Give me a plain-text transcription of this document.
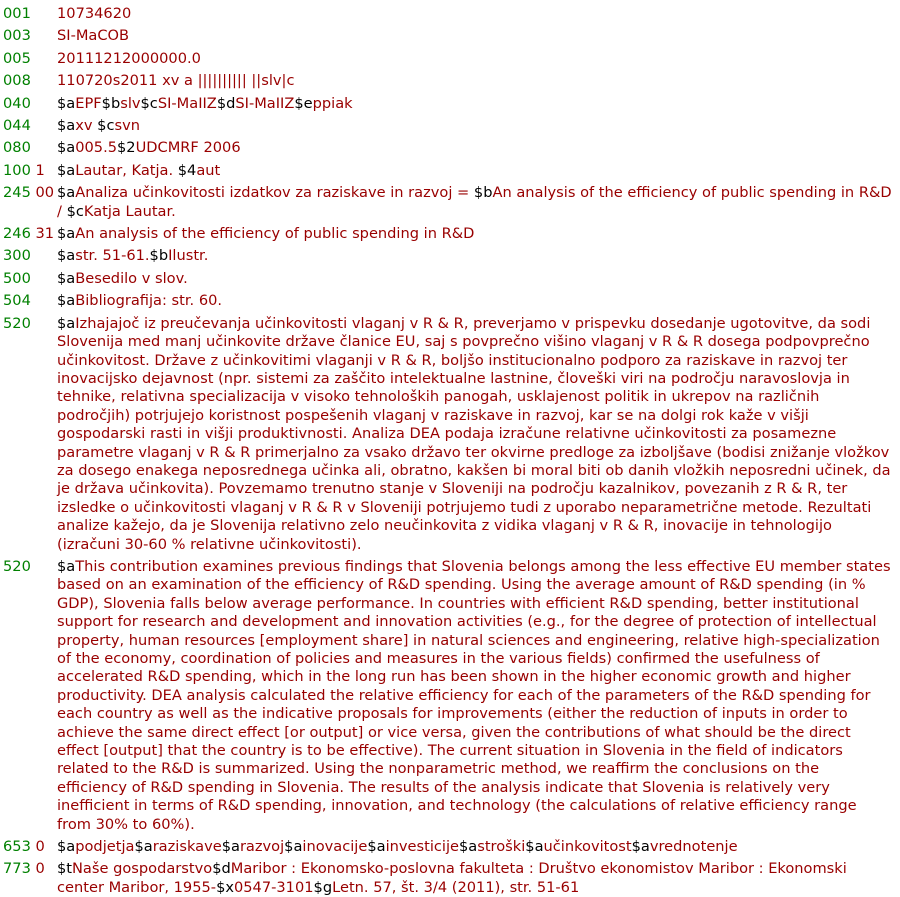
001	10734620
003	SI-MaCOB
005	20111212000000.0
008	110720s2011 xv a |||||||||| ||slv|c
040	$aEPF$bslv$cSI-MaIIZ$dSI-MaIIZ$eppiak
044	$axv $csvn
080	$a005.5$2UDCMRF 2006
100 1 $aLautar, Katja. $4aut
245 00 $aAnaliza učinkovitosti izdatkov za raziskave in razvoj = $bAn analysis of the efficiency of public spending in R&D / $cKatja Lautar.
246 31 $aAn analysis of the efficiency of public spending in R&D
300	$astr. 51-61.$bIlustr.
500	$aBesedilo v slov.
504	$aBibliografija: str. 60.
520	$aIzhajajoč iz preučevanja učinkovitosti vlaganj v R & R, preverjamo v prispevku dosedanje ugotovitve, da sodi Slovenija med manj učinkovite države članice EU, saj s povprečno višino vlaganj v R & R dosega podpovprečno učinkovitost. Države z učinkovitimi vlaganji v R & R, boljšo institucionalno podporo za raziskave in razvoj ter inovacijsko dejavnost (npr. sistemi za zaščito intelektualne lastnine, človeški viri na področju naravoslovja in tehnike, relativna specializacija v visoko tehnoloških panogah, usklajenost politik in ukrepov na različnih področjih) potrjujejo koristnost pospešenih vlaganj v raziskave in razvoj, kar se na dolgi rok kaže v višji gospodarski rasti in višji produktivnosti. Analiza DEA podaja izračune relativne učinkovitosti za posamezne parametre vlaganj v R & R primerjalno za vsako državo ter okvirne predloge za izboljšave (bodisi znižanje vložkov za dosego enakega neposrednega učinka ali, obratno, kakšen bi moral biti ob danih vložkih neposredni učinek, da je država učinkovita). Povzemamo trenutno stanje v Sloveniji na področju kazalnikov, povezanih z R & R, ter izsledke o učinkovitosti vlaganj v R & R v Sloveniji potrjujemo tudi z uporabo neparametrične metode. Rezultati analize kažejo, da je Slovenija relativno zelo neučinkovita z vidika vlaganj v R & R, inovacije in tehnologijo (izračuni 30-60 % relativne učinkovitosti).
520	$aThis contribution examines previous findings that Slovenia belongs among the less effective EU member states based on an examination of the efficiency of R&D spending. Using the average amount of R&D spending (in % GDP), Slovenia falls below average performance. In countries with efficient R&D spending, better institutional support for research and development and innovation activities (e.g., for the degree of protection of intellectual property, human resources [employment share] in natural sciences and engineering, relative high-specialization of the economy, coordination of policies and measures in the various fields) confirmed the usefulness of accelerated R&D spending, which in the long run has been shown in the higher economic growth and higher productivity. DEA analysis calculated the relative efficiency for each of the parameters of the R&D spending for each country as well as the indicative proposals for improvements (either the reduction of inputs in order to achieve the same direct effect [or output] or vice versa, given the contributions of what should be the direct effect [output] that the country is to be effective). The current situation in Slovenia in the field of indicators related to the R&D is summarized. Using the nonparametric method, we reaffirm the conclusions on the efficiency of R&D spending in Slovenia. The results of the analysis indicate that Slovenia is relatively very inefficient in terms of R&D spending, innovation, and technology (the calculations of relative efficiency range from 30% to 60%).
653 0 $apodjetja$araziskave$arazvoj$ainovacije$ainvesticije$astroški$aučinkovitost$avrednotenje
773 0 $tNaše gospodarstvo$dMaribor : Ekonomsko-poslovna fakulteta : Društvo ekonomistov Maribor : Ekonomski center Maribor, 1955-$x0547-3101$gLetn. 57, št. 3/4 (2011), str. 51-61
